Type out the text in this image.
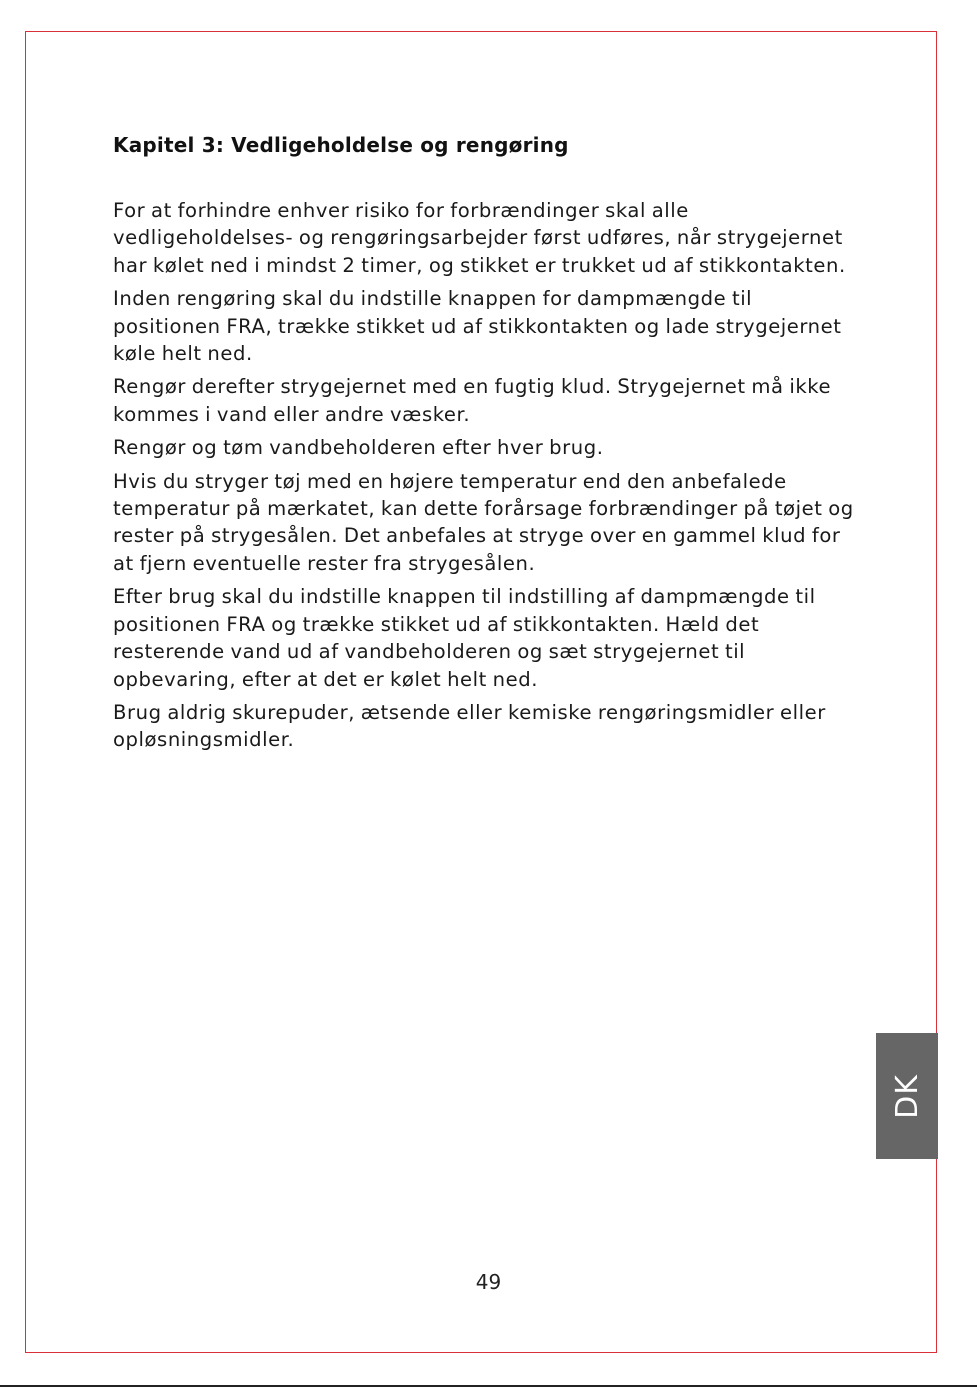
Kapitel 3: Vedligeholdelse og rengøring

For at forhindre enhver risiko for forbrændinger skal alle vedligeholdelses- og rengøringsarbejder først udføres, når strygejernet har kølet ned i mindst 2 timer, og stikket er trukket ud af stikkontakten.

Inden rengøring skal du indstille knappen for dampmængde til positionen FRA, trække stikket ud af stikkontakten og lade strygejernet køle helt ned.

Rengør derefter strygejernet med en fugtig klud. Strygejernet må ikke kommes i vand eller andre væsker.

Rengør og tøm vandbeholderen efter hver brug.

Hvis du stryger tøj med en højere temperatur end den anbefalede temperatur på mærkatet, kan dette forårsage forbrændinger på tøjet og rester på strygesålen. Det anbefales at stryge over en gammel klud for at fjern eventuelle rester fra strygesålen.

Efter brug skal du indstille knappen til indstilling af dampmængde til positionen FRA og trække stikket ud af stikkontakten. Hæld det resterende vand ud af vandbeholderen og sæt strygejernet til opbevaring, efter at det er kølet helt ned.

Brug aldrig skurepuder, ætsende eller kemiske rengøringsmidler eller opløsningsmidler.

DK
49
